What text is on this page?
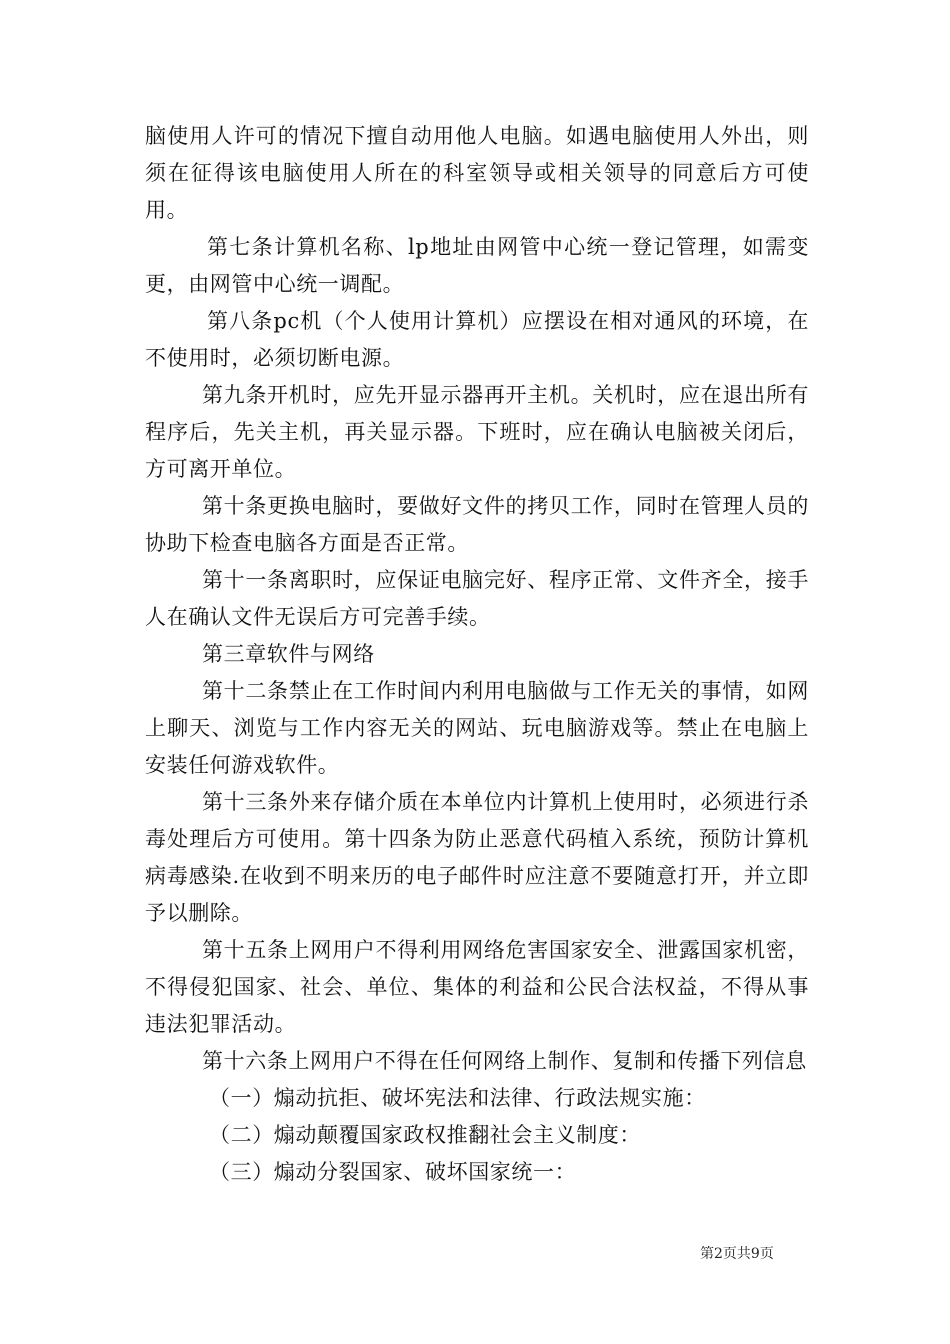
脑使用人许可的情况下擅自动用他人电脑。如遇电脑使用人外出，则须在征得该电脑使用人所在的科室领导或相关领导的同意后方可使用。

第七条计算机名称、lp地址由网管中心统一登记管理，如需变更，由网管中心统一调配。

第八条pc机（个人使用计算机）应摆设在相对通风的环境，在不使用时，必须切断电源。

第九条开机时，应先开显示器再开主机。关机时，应在退出所有程序后，先关主机，再关显示器。下班时，应在确认电脑被关闭后，方可离开单位。

第十条更换电脑时，要做好文件的拷贝工作，同时在管理人员的协助下检查电脑各方面是否正常。

第十一条离职时，应保证电脑完好、程序正常、文件齐全，接手人在确认文件无误后方可完善手续。

第三章软件与网络

第十二条禁止在工作时间内利用电脑做与工作无关的事情，如网上聊天、浏览与工作内容无关的网站、玩电脑游戏等。禁止在电脑上安装任何游戏软件。

第十三条外来存储介质在本单位内计算机上使用时，必须进行杀毒处理后方可使用。第十四条为防止恶意代码植入系统，预防计算机病毒感染.在收到不明来历的电子邮件时应注意不要随意打开，并立即予以删除。

第十五条上网用户不得利用网络危害国家安全、泄露国家机密，不得侵犯国家、社会、单位、集体的利益和公民合法权益，不得从事违法犯罪活动。

第十六条上网用户不得在任何网络上制作、复制和传播下列信息

（一）煽动抗拒、破坏宪法和法律、行政法规实施：

（二）煽动颠覆国家政权推翻社会主义制度：

（三）煽动分裂国家、破坏国家统一：

第2页共9页
